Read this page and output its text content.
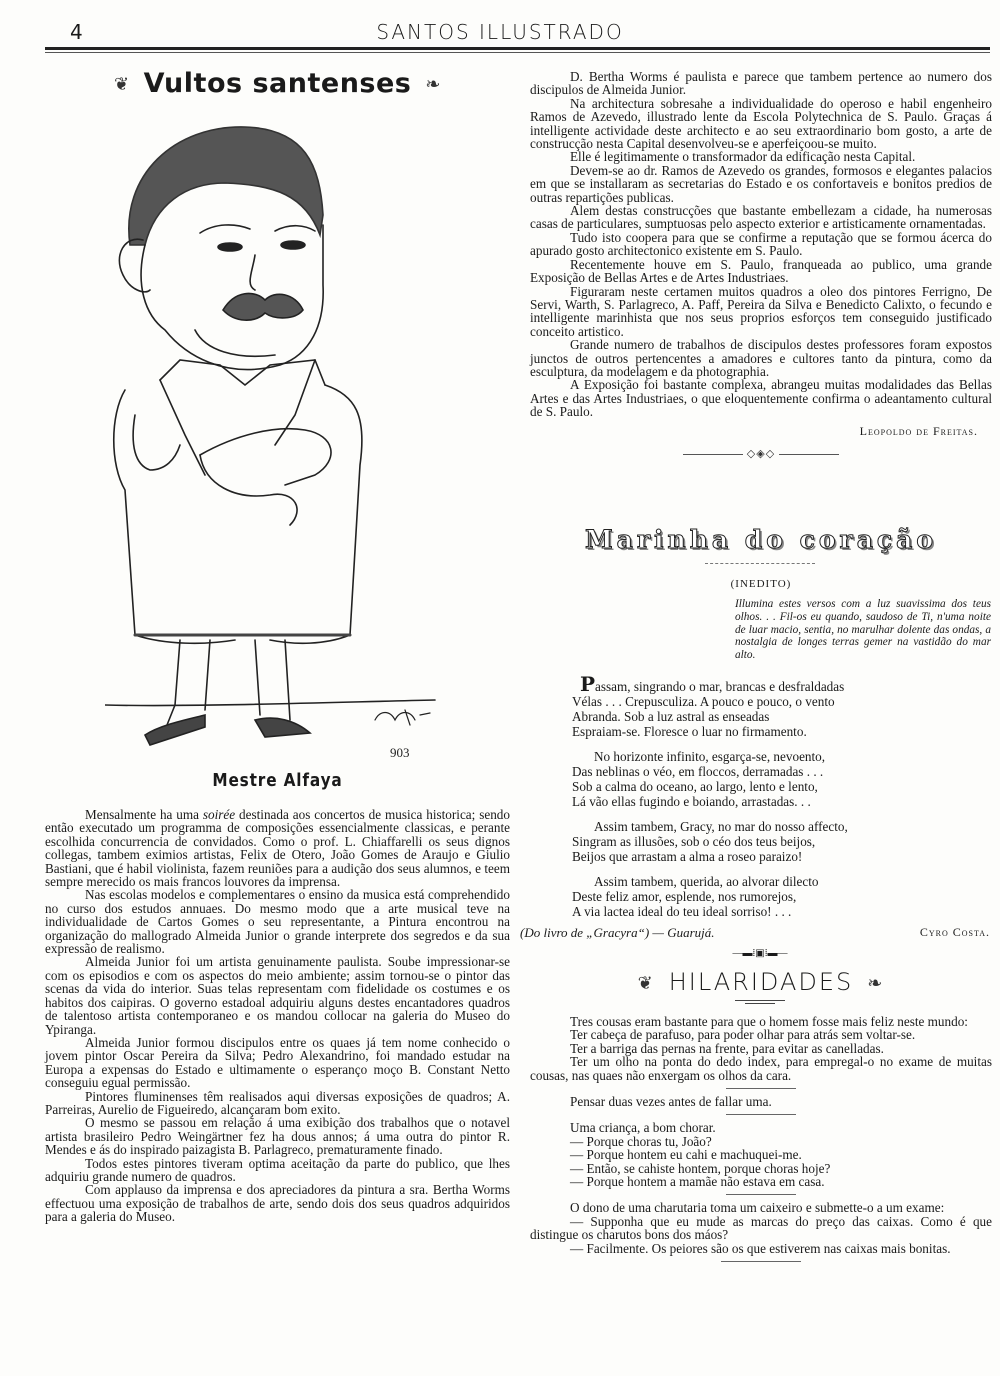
4	SANTOS ILLUSTRADO
❦ Vultos santenses ❧
903
Mestre Alfaya

Mensalmente ha uma soirée destinada aos concertos de musica historica; sendo então executado um programma de composições essencialmente classicas, e perante escolhida concurrencia de convidados. Como o prof. L. Chiaffarelli os seus dignos collegas, tambem eximios artistas, Felix de Otero, João Gomes de Araujo e Giulio Bastiani, que é habil violinista, fazem reuniões para a audição dos seus alumnos, e teem sempre merecido os mais francos louvores da imprensa.

Nas escolas modelos e complementares o ensino da musica está comprehendido no curso dos estudos annuaes. Do mesmo modo que a arte musical teve na individualidade de Cartos Gomes o seu representante, a Pintura encontrou na organização do mallogrado Almeida Junior o grande interprete dos segredos e da sua expressão de realismo.

Almeida Junior foi um artista genuinamente paulista. Soube impressionar-se com os episodios e com os aspectos do meio ambiente; assim tornou-se o pintor das scenas da vida do interior. Suas telas representam com fidelidade os costumes e os habitos dos caipiras. O governo estadoal adquiriu alguns destes encantadores quadros de talentoso artista contemporaneo e os mandou collocar na galeria do Museo do Ypiranga.

Almeida Junior formou discipulos entre os quaes já tem nome conhecido o jovem pintor Oscar Pereira da Silva; Pedro Alexandrino, foi mandado estudar na Europa a expensas do Estado e ultimamente o esperanço moço B. Constant Netto conseguiu egual permissão.

Pintores fluminenses têm realisados aqui diversas exposições de quadros; A. Parreiras, Aurelio de Figueiredo, alcançaram bom exito.

O mesmo se passou em relação á uma exibição dos trabalhos que o notavel artista brasileiro Pedro Weingärtner fez ha dous annos; á uma outra do pintor R. Mendes e ás do inspirado paizagista B. Parlagreco, prematuramente finado.

Todos estes pintores tiveram optima aceitação da parte do publico, que lhes adquiriu grande numero de quadros.

Com applauso da imprensa e dos apreciadores da pintura a sra. Bertha Worms effectuou uma exposição de trabalhos de arte, sendo dois dos seus quadros adquiridos para a galeria do Museo.

D. Bertha Worms é paulista e parece que tambem pertence ao numero dos discipulos de Almeida Junior.

Na architectura sobresahe a individualidade do operoso e habil engenheiro Ramos de Azevedo, illustrado lente da Escola Polytechnica de S. Paulo. Graças á intelligente actividade deste architecto e ao seu extraordinario bom gosto, a arte de construcção nesta Capital desenvolveu-se e aperfeiçoou-se muito.

Elle é legitimamente o transformador da edificação nesta Capital.

Devem-se ao dr. Ramos de Azevedo os grandes, formosos e elegantes palacios em que se installaram as secretarias do Estado e os confortaveis e bonitos predios de outras repartições publicas.

Alem destas construcções que bastante embellezam a cidade, ha numerosas casas de particulares, sumptuosas pelo aspecto exterior e artisticamente ornamentadas.

Tudo isto coopera para que se confirme a reputação que se formou ácerca do apurado gosto architectonico existente em S. Paulo.

Recentemente houve em S. Paulo, franqueada ao publico, uma grande Exposição de Bellas Artes e de Artes Industriaes.

Figuraram neste certamen muitos quadros a oleo dos pintores Ferrigno, De Servi, Warth, S. Parlagreco, A. Paff, Pereira da Silva e Benedicto Calixto, o fecundo e intelligente marinhista que nos seus proprios esforços tem conseguido justificado conceito artistico.

Grande numero de trabalhos de discipulos destes professores foram expostos junctos de outros pertencentes a amadores e cultores tanto da pintura, como da esculptura, da modelagem e da photographia.

A Exposição foi bastante complexa, abrangeu muitas modalidades das Bellas Artes e das Artes Industriaes, o que eloquentemente confirma o adeantamento cultural de S. Paulo.

Leopoldo de Freitas.
◇◈◇
Marinha do coração
(INEDITO)
Illumina estes versos com a luz suavissima dos teus olhos. . . Fil-os eu quando, saudoso de Ti, n'uma noite de luar macio, sentia, no marulhar dolente das ondas, a nostalgia de longes terras gemer na vastidão do mar alto.
Passam, singrando o mar, brancas e desfraldadas
Vélas . . . Crepusculiza. A pouco e pouco, o vento
Abranda. Sob a luz astral as enseadas
Espraiam-se. Floresce o luar no firmamento.
No horizonte infinito, esgarça-se, nevoento,
Das neblinas o véo, em floccos, derramadas . . .
Sob a calma do oceano, ao largo, lento e lento,
Lá vão ellas fugindo e boiando, arrastadas. . .
Assim tambem, Gracy, no mar do nosso affecto,
Singram as illusões, sob o céo dos teus beijos,
Beijos que arrastam a alma a roseo paraizo!
Assim tambem, querida, ao alvorar dilecto
Deste feliz amor, esplende, nos rumorejos,
A via lactea ideal do teu ideal sorriso! . . .
(Do livro de „Gracyra“) — Guarujá.	Cyro Costa.
—▬⁞▣⁞▬—
❦ HILARIDADES ❧

Tres cousas eram bastante para que o homem fosse mais feliz neste mundo:

Ter cabeça de parafuso, para poder olhar para atrás sem voltar-se.

Ter a barriga das pernas na frente, para evitar as canelladas.

Ter um olho na ponta do dedo index, para empregal-o no exame de muitas cousas, nas quaes não enxergam os olhos da cara.

Pensar duas vezes antes de fallar uma.

Uma criança, a bom chorar.

— Porque choras tu, João?

— Porque hontem eu cahi e machuquei-me.

— Então, se cahiste hontem, porque choras hoje?

— Porque hontem a mamãe não estava em casa.

O dono de uma charutaria toma um caixeiro e submette-o a um exame:

— Supponha que eu mude as marcas do preço das caixas. Como é que distingue os charutos bons dos máos?

— Facilmente. Os peiores são os que estiverem nas caixas mais bonitas.
